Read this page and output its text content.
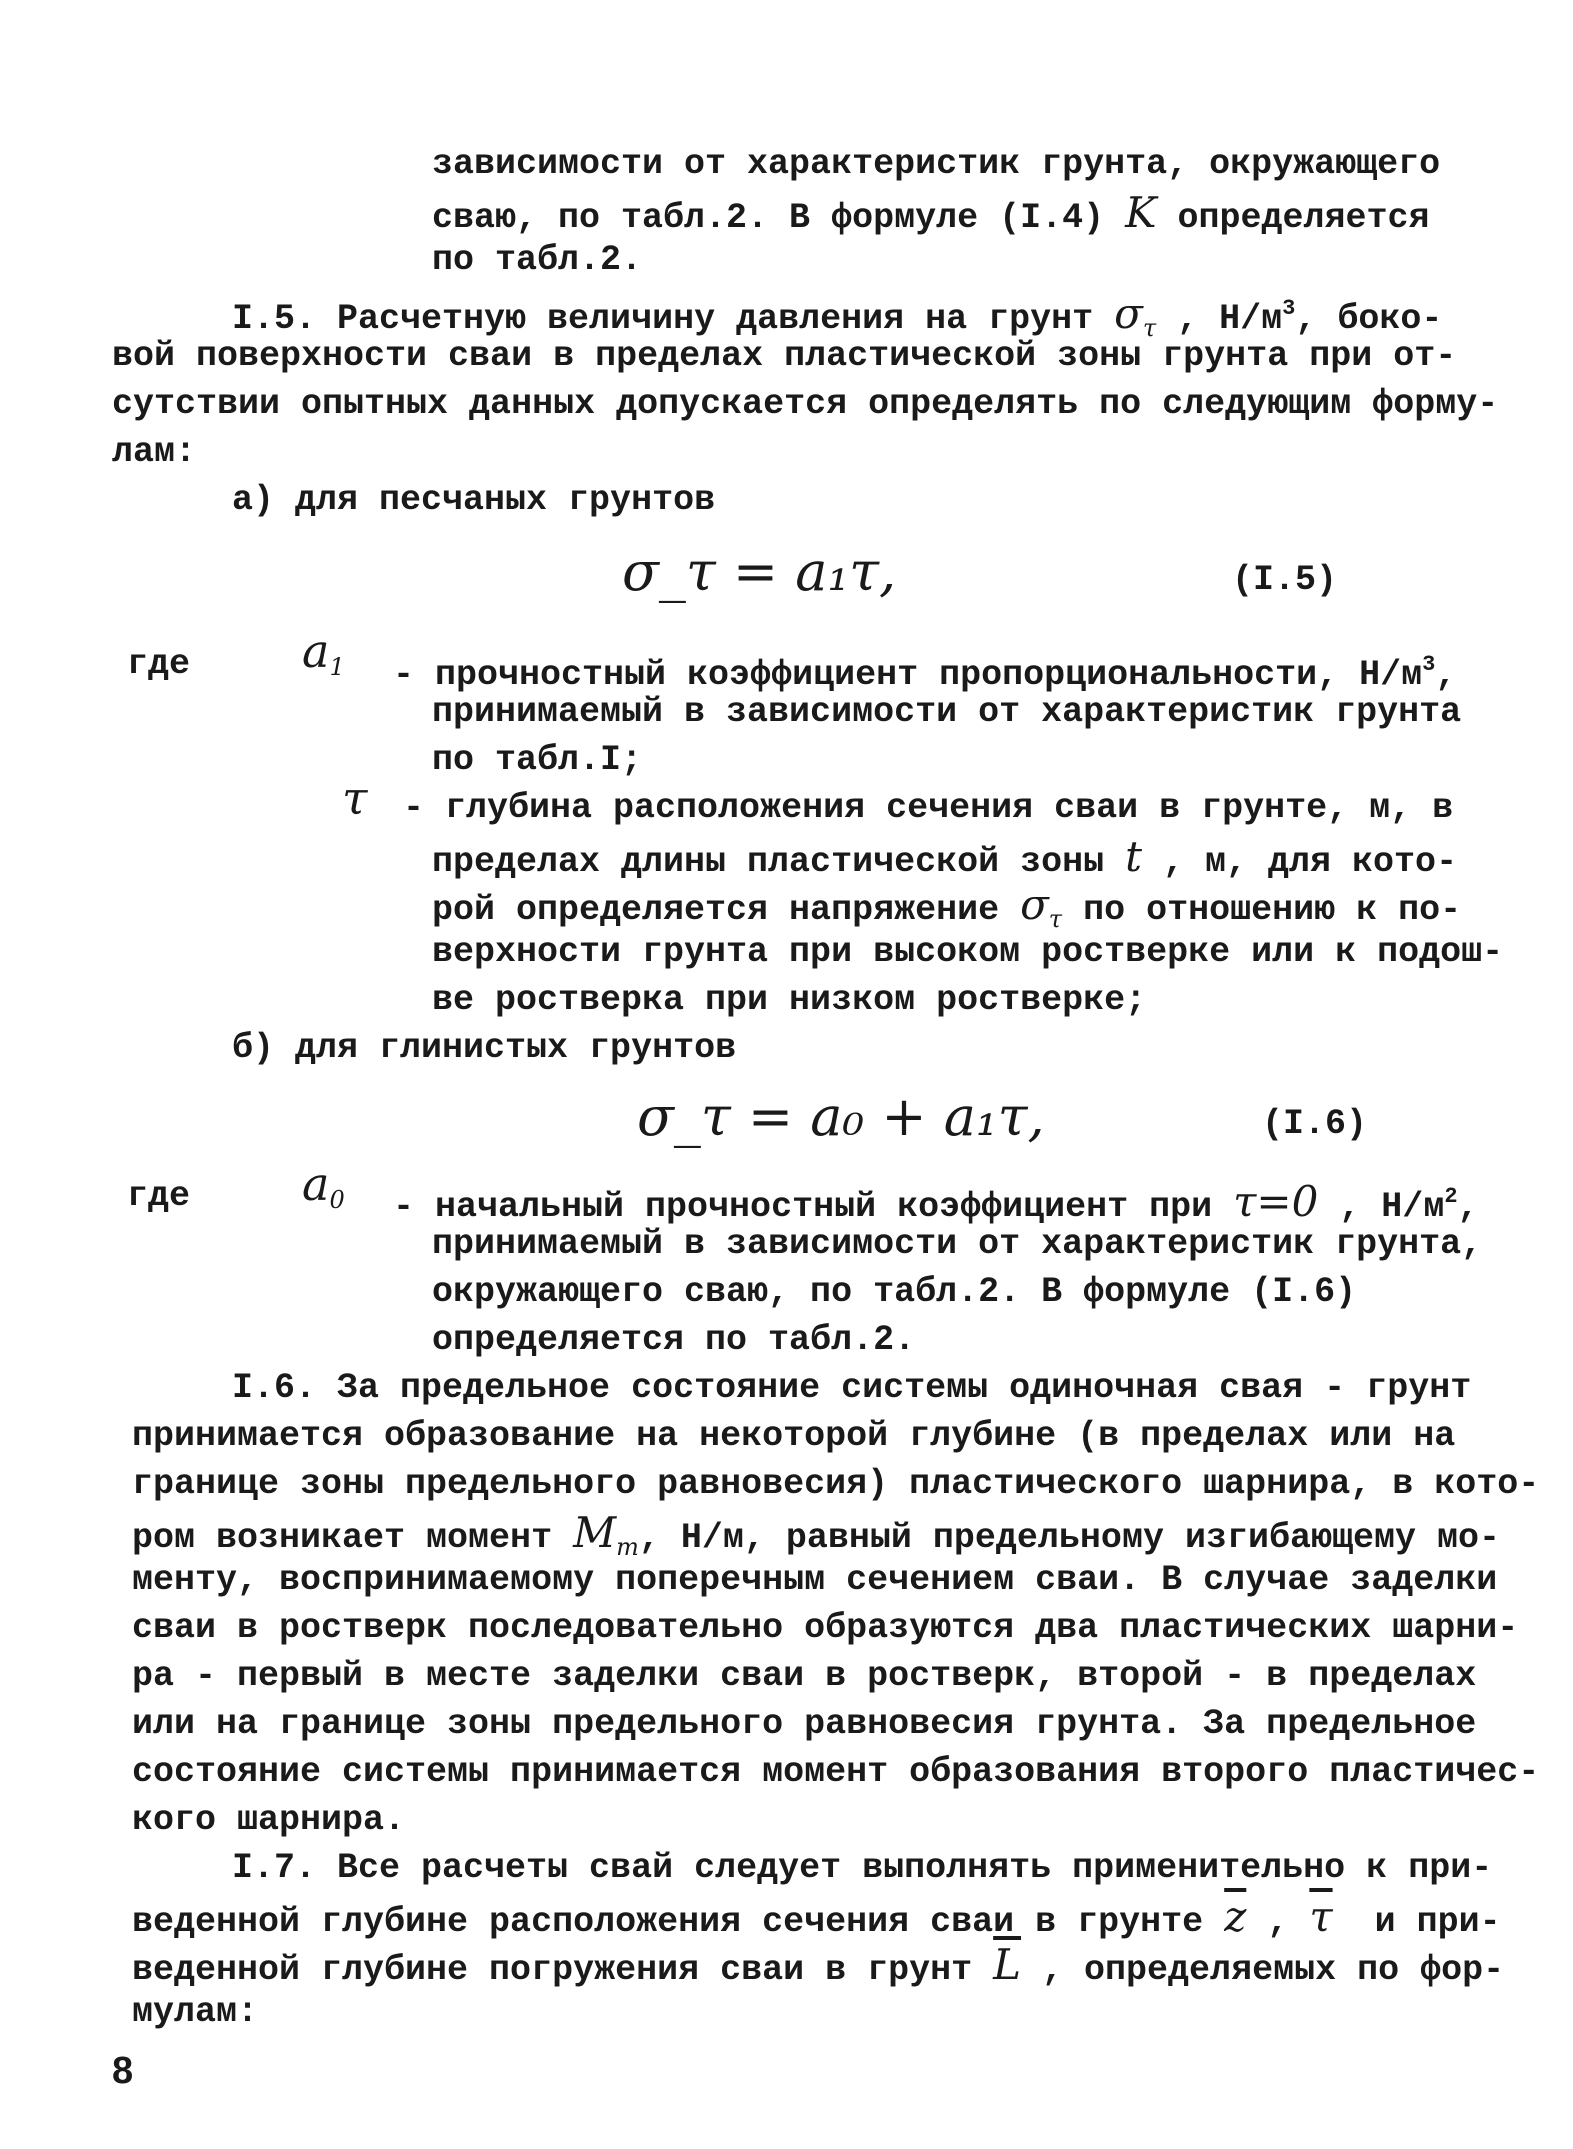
зависимости от характеристик грунта, окружающего
сваю, по табл.2. В формуле (I.4) K определяется
по табл.2.
I.5. Расчетную величину давления на грунт $\sigma_\tau$ , $Н/м^3$, боко-
вой поверхности сваи в пределах пластической зоны грунта при от-
сутствии опытных данных допускается определять по следующим форму-
лам:
а) для песчаных грунтов
σ_τ = a₁τ,	(I.5)
где $a_1$ - прочностный коэффициент пропорциональности, $Н/м^3$,
принимаемый в зависимости от характеристик грунта
по табл.I;
τ - глубина расположения сечения сваи в грунте, м, в
пределах длины пластической зоны t , м, для кото-
рой определяется напряжение $\sigma_\tau$ по отношению к по-
верхности грунта при высоком ростверке или к подош-
ве ростверка при низком ростверке;
б) для глинистых грунтов
σ_τ = a₀ + a₁τ,	(I.6)
где $a_0$ - начальный прочностный коэффициент при τ=0 , $Н/м^2$,
принимаемый в зависимости от характеристик грунта,
окружающего сваю, по табл.2. В формуле (I.6)
определяется по табл.2.
I.6. За предельное состояние системы одиночная свая - грунт
принимается образование на некоторой глубине (в пределах или на
границе зоны предельного равновесия) пластического шарнира, в кото-
ром возникает момент $M_т$, Н/м, равный предельному изгибающему мо-
менту, воспринимаемому поперечным сечением сваи. В случае заделки
сваи в ростверк последовательно образуются два пластических шарни-
ра - первый в месте заделки сваи в ростверк, второй - в пределах
или на границе зоны предельного равновесия грунта. За предельное
состояние системы принимается момент образования второго пластичес-
кого шарнира.
I.7. Все расчеты свай следует выполнять применительно к при-
веденной глубине расположения сечения сваи в грунте $\overline{z}$ , $\overline{\tau}$  и при-
веденной глубине погружения сваи в грунт $\overline{L}$ , определяемых по фор-
мулам:
8
